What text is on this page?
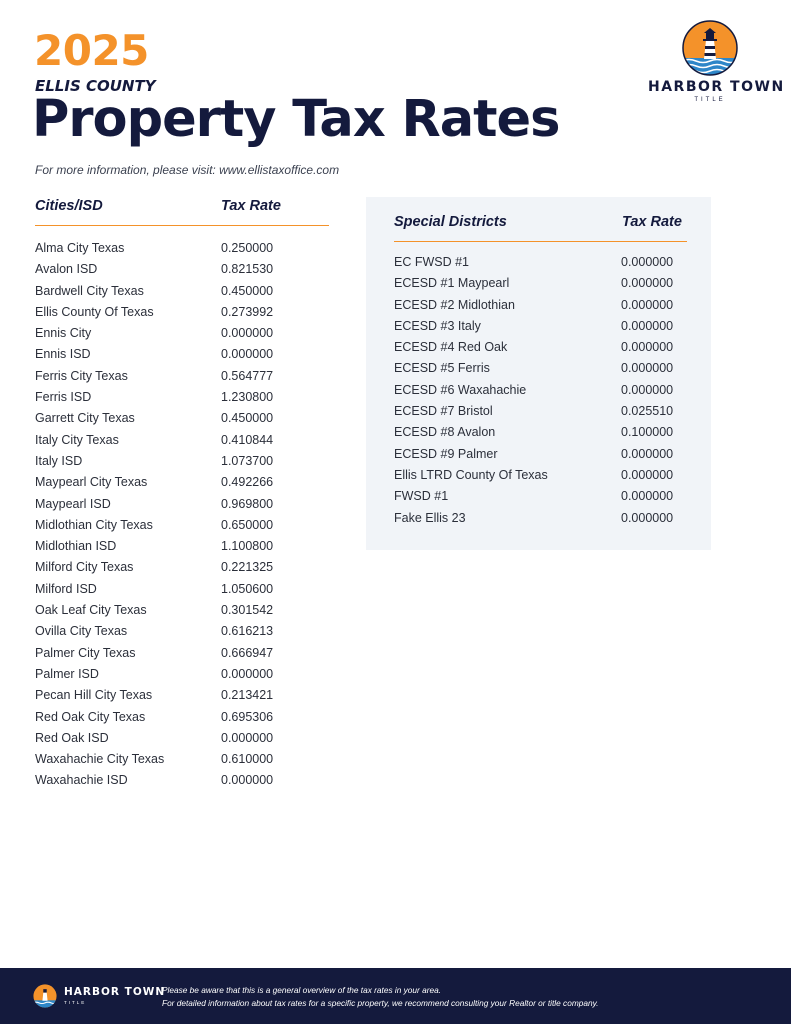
2025
ELLIS COUNTY
Property Tax Rates
For more information, please visit: www.ellistaxoffice.com
HARBOR TOWN
TITLE
Cities/ISD	Tax Rate
Alma City Texas	0.250000
Avalon ISD	0.821530
Bardwell City Texas	0.450000
Ellis County Of Texas	0.273992
Ennis City	0.000000
Ennis ISD	0.000000
Ferris City Texas	0.564777
Ferris ISD	1.230800
Garrett City Texas	0.450000
Italy City Texas	0.410844
Italy ISD	1.073700
Maypearl City Texas	0.492266
Maypearl ISD	0.969800
Midlothian City Texas	0.650000
Midlothian ISD	1.100800
Milford City Texas	0.221325
Milford ISD	1.050600
Oak Leaf City Texas	0.301542
Ovilla City Texas	0.616213
Palmer City Texas	0.666947
Palmer ISD	0.000000
Pecan Hill City Texas	0.213421
Red Oak City Texas	0.695306
Red Oak ISD	0.000000
Waxahachie City Texas	0.610000
Waxahachie ISD	0.000000
Special Districts	Tax Rate
EC FWSD #1	0.000000
ECESD #1 Maypearl	0.000000
ECESD #2 Midlothian	0.000000
ECESD #3 Italy	0.000000
ECESD #4 Red Oak	0.000000
ECESD #5 Ferris	0.000000
ECESD #6 Waxahachie	0.000000
ECESD #7 Bristol	0.025510
ECESD #8 Avalon	0.100000
ECESD #9 Palmer	0.000000
Ellis LTRD County Of Texas	0.000000
FWSD #1	0.000000
Fake Ellis 23	0.000000
HARBOR TOWN
TITLE
Please be aware that this is a general overview of the tax rates in your area.
For detailed information about tax rates for a specific property, we recommend consulting your Realtor or title company.
